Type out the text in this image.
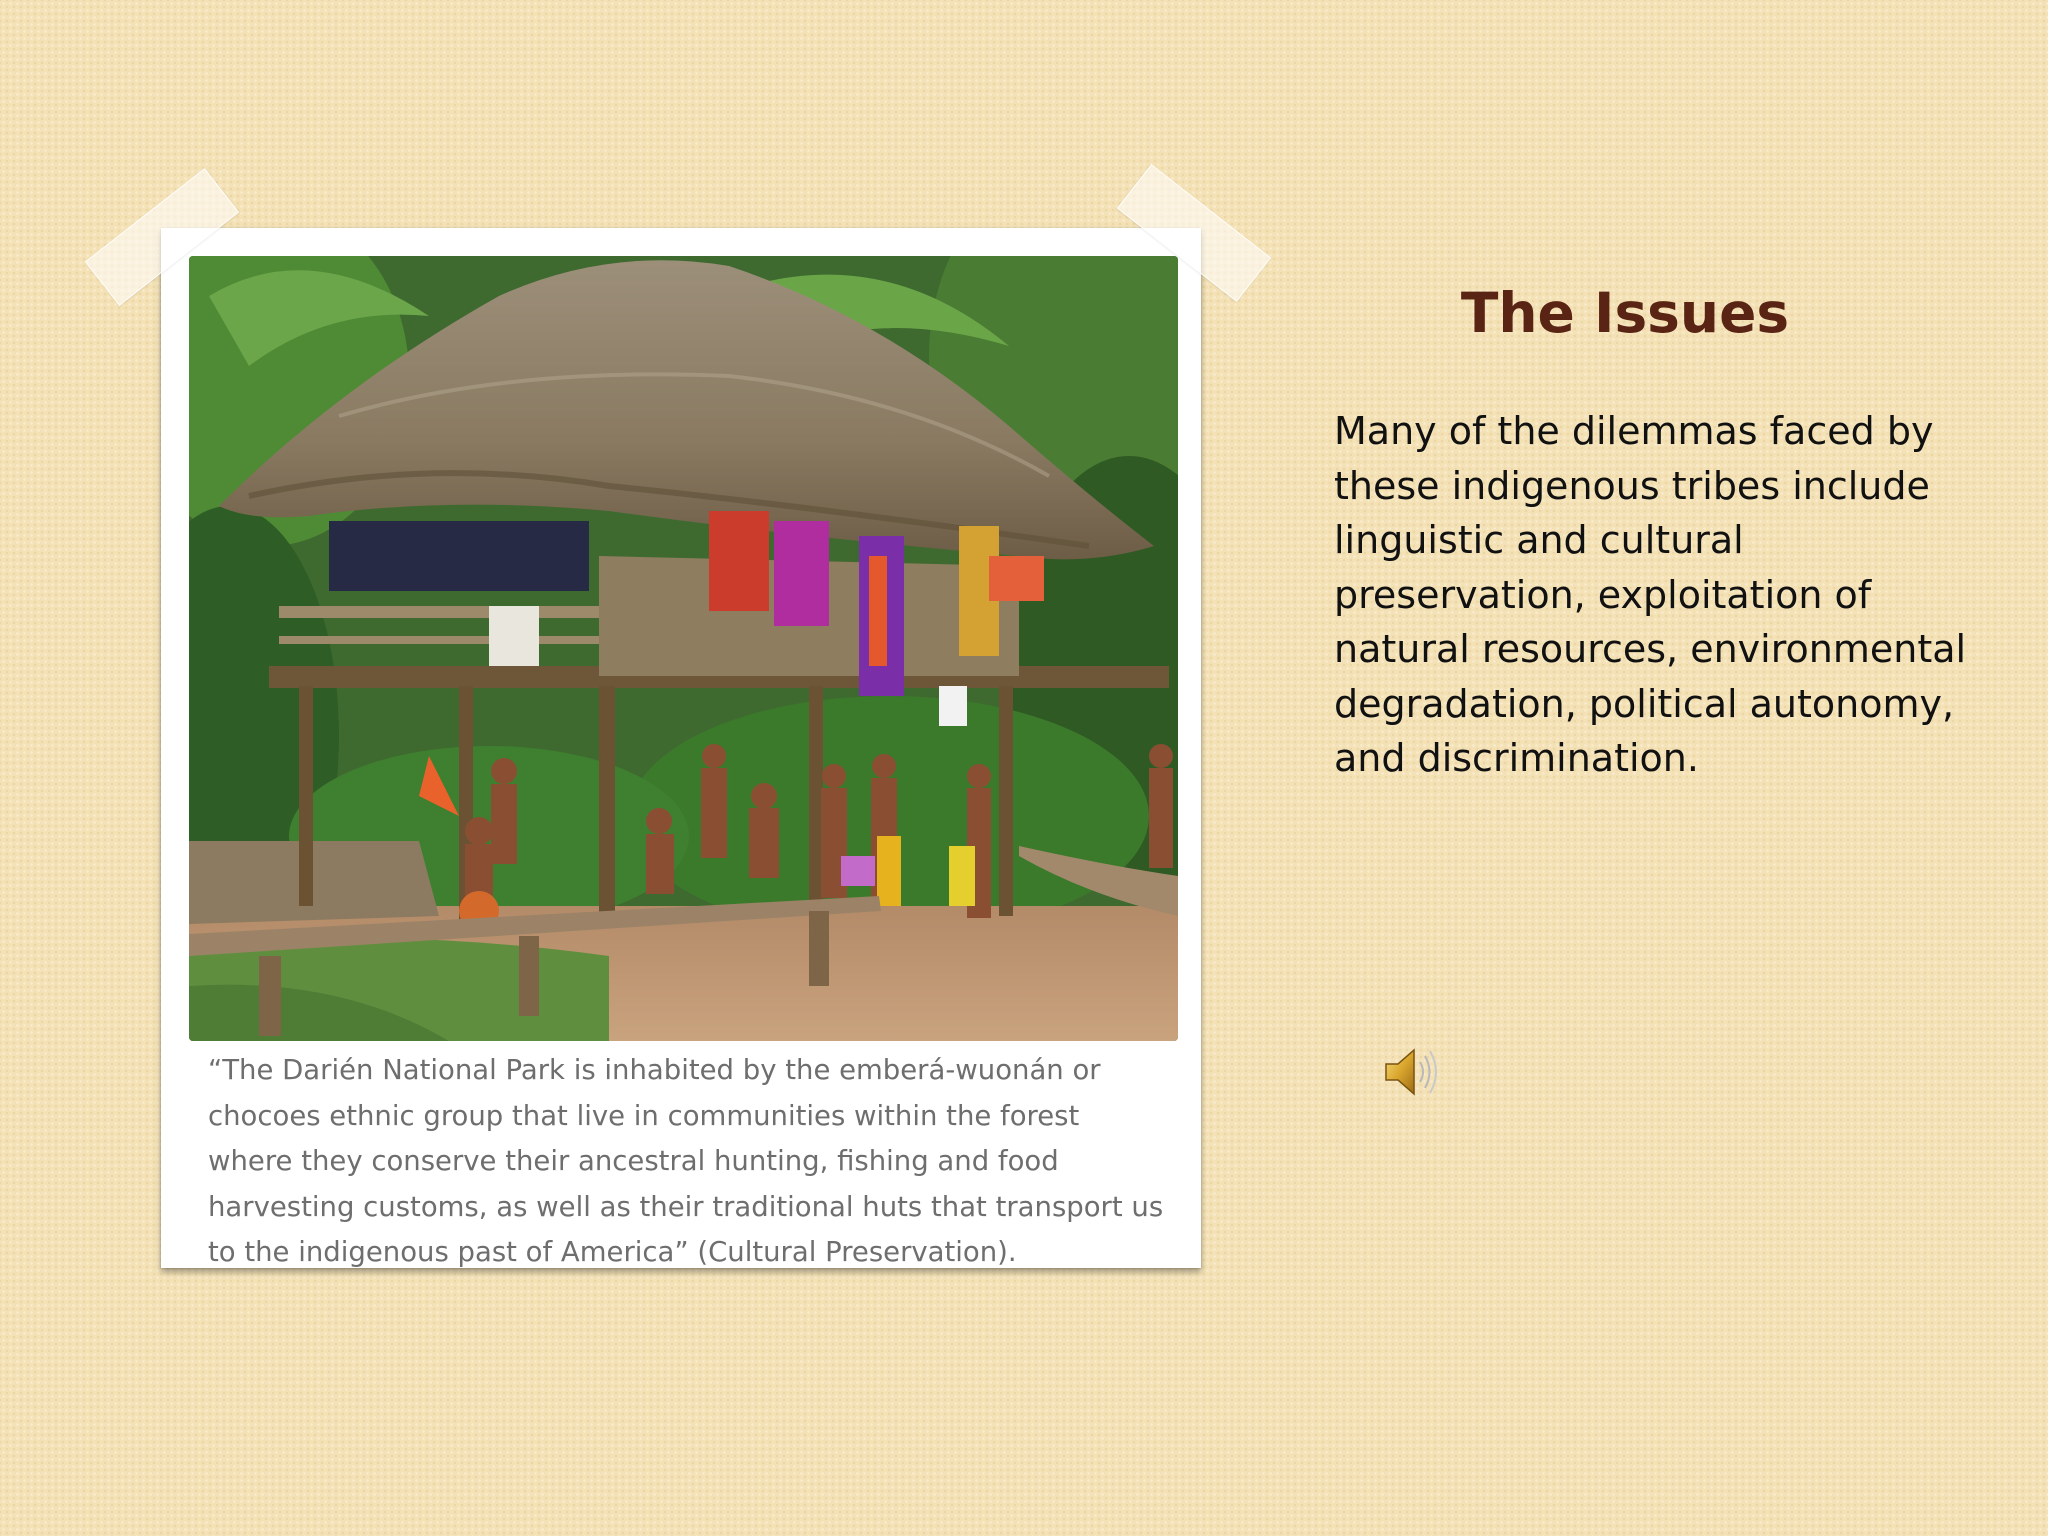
“The Darién National Park is inhabited by the emberá-wuonán or chocoes ethnic group that live in communities within the forest where they conserve their ancestral hunting, fishing and food harvesting customs, as well as their traditional huts that transport us to the indigenous past of America” (Cultural Preservation).

The Issues

Many of the dilemmas faced by these indigenous tribes include linguistic and cultural preservation, exploitation of natural resources, environmental degradation, political autonomy, and discrimination.
